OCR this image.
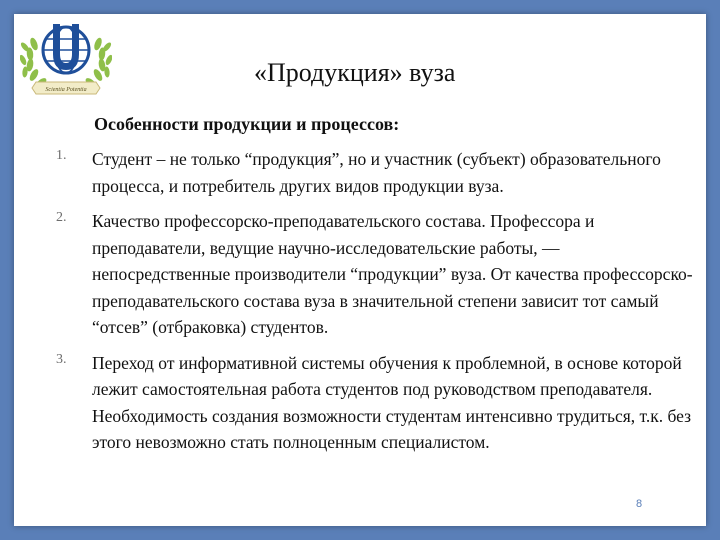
Scientia Potentia
«Продукция» вуза
Особенности продукции и процессов:
1. Студент – не только “продукция”, но и участник (субъект) образовательного процесса, и потребитель других видов продукции вуза.
2. Качество профессорско-преподавательского состава. Профессора и преподаватели, ведущие научно-исследовательские работы, — непосредственные производители “продукции” вуза. От качества профессорско-преподавательского состава вуза в значительной степени зависит тот самый “отсев” (отбраковка) студентов.
3. Переход от информативной системы обучения к проблемной, в основе которой лежит самостоятельная работа студентов под руководством преподавателя. Необходимость создания возможности студентам интенсивно трудиться, т.к. без этого невозможно стать полноценным специалистом.
8
